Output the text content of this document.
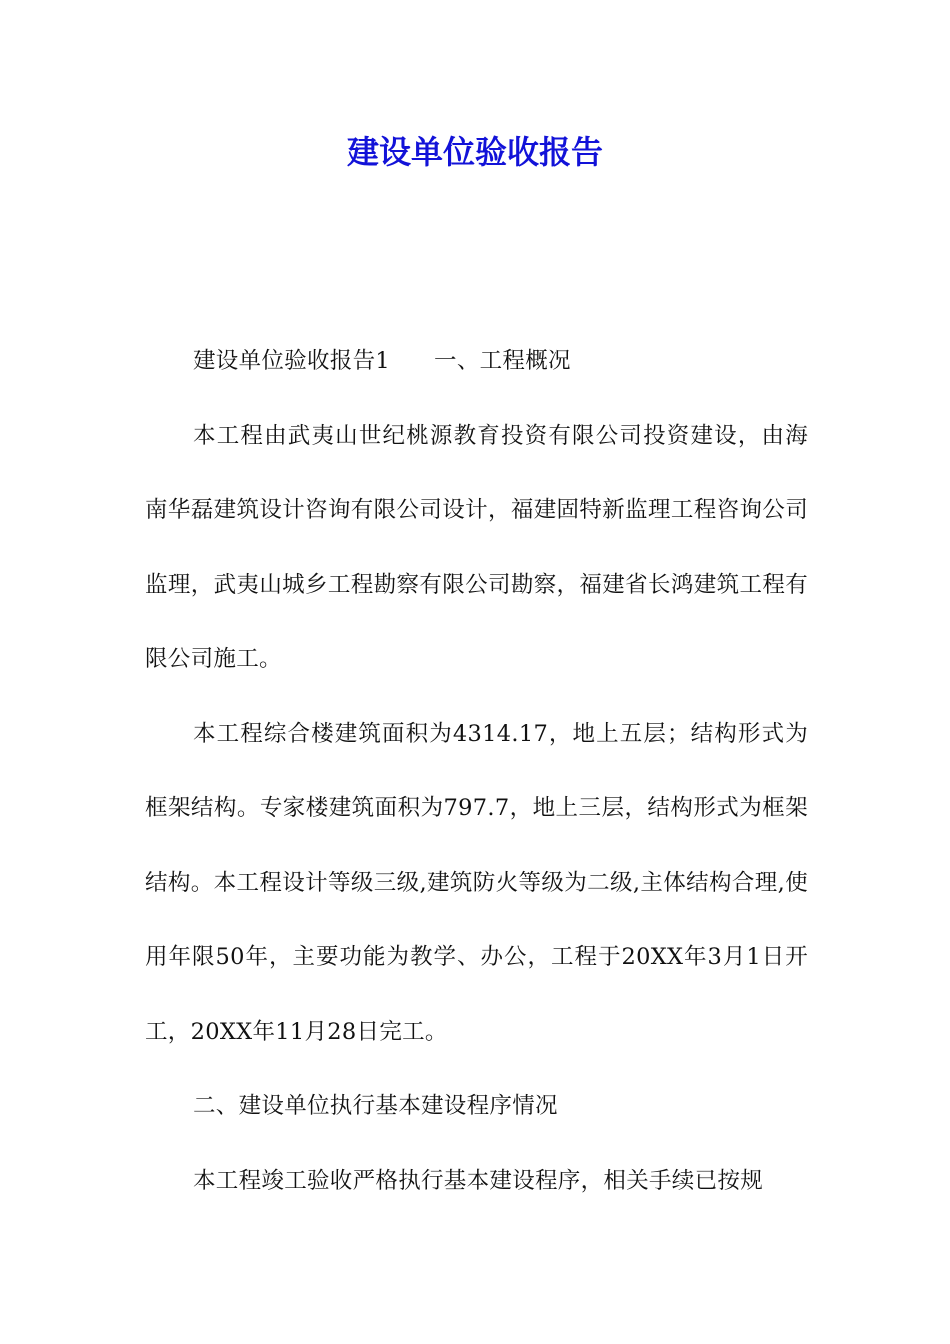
建设单位验收报告

建设单位验收报告1 一、工程概况

本工程由武夷山世纪桃源教育投资有限公司投资建设，由海南华磊建筑设计咨询有限公司设计，福建固特新监理工程咨询公司监理，武夷山城乡工程勘察有限公司勘察，福建省长鸿建筑工程有限公司施工。

本工程综合楼建筑面积为4314.17，地上五层；结构形式为框架结构。专家楼建筑面积为797.7，地上三层，结构形式为框架结构。本工程设计等级三级,建筑防火等级为二级,主体结构合理,使用年限50年，主要功能为教学、办公，工程于20XX年3月1日开工，20XX年11月28日完工。

二、建设单位执行基本建设程序情况

本工程竣工验收严格执行基本建设程序，相关手续已按规
